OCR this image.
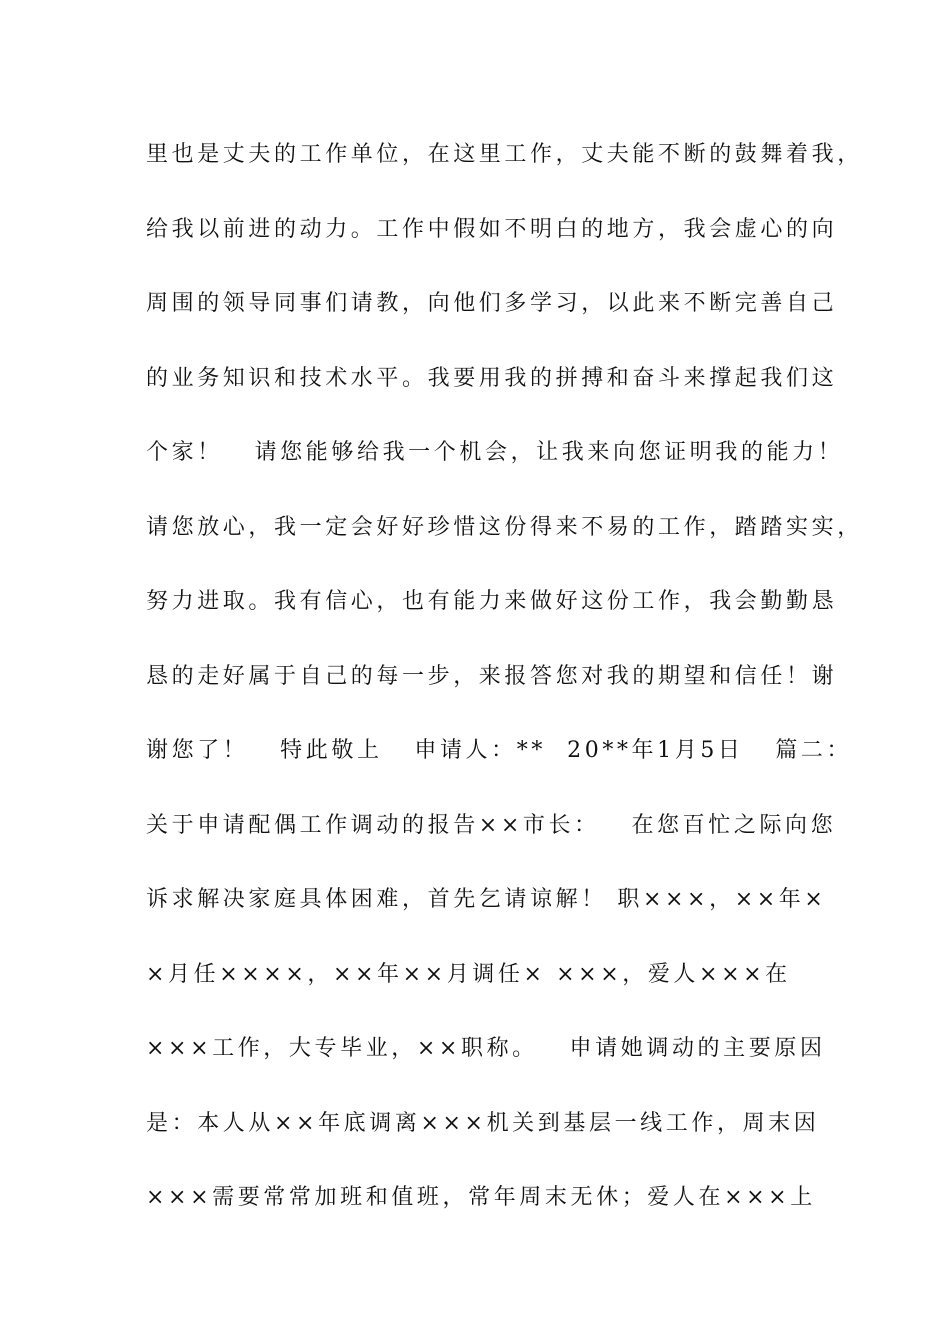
里也是丈夫的工作单位，在这里工作，丈夫能不断的鼓舞着我，
给我以前进的动力。工作中假如不明白的地方，我会虚心的向
周围的领导同事们请教，向他们多学习，以此来不断完善自己
的业务知识和技术水平。我要用我的拼搏和奋斗来撑起我们这
个家！   请您能够给我一个机会，让我来向您证明我的能力！
请您放心，我一定会好好珍惜这份得来不易的工作，踏踏实实，
努力进取。我有信心，也有能力来做好这份工作，我会勤勤恳
恳的走好属于自己的每一步，来报答您对我的期望和信任！谢
谢您了！   特此敬上   申请人：**  20**年1月5日   篇二：
关于申请配偶工作调动的报告××市长：   在您百忙之际向您
诉求解决家庭具体困难，首先乞请谅解！ 职×××，××年×
×月任××××，××年××月调任× ×××，爱人×××在
×××工作，大专毕业，××职称。   申请她调动的主要原因
是：本人从××年底调离×××机关到基层一线工作，周末因
×××需要常常加班和值班，常年周末无休；爱人在×××上
